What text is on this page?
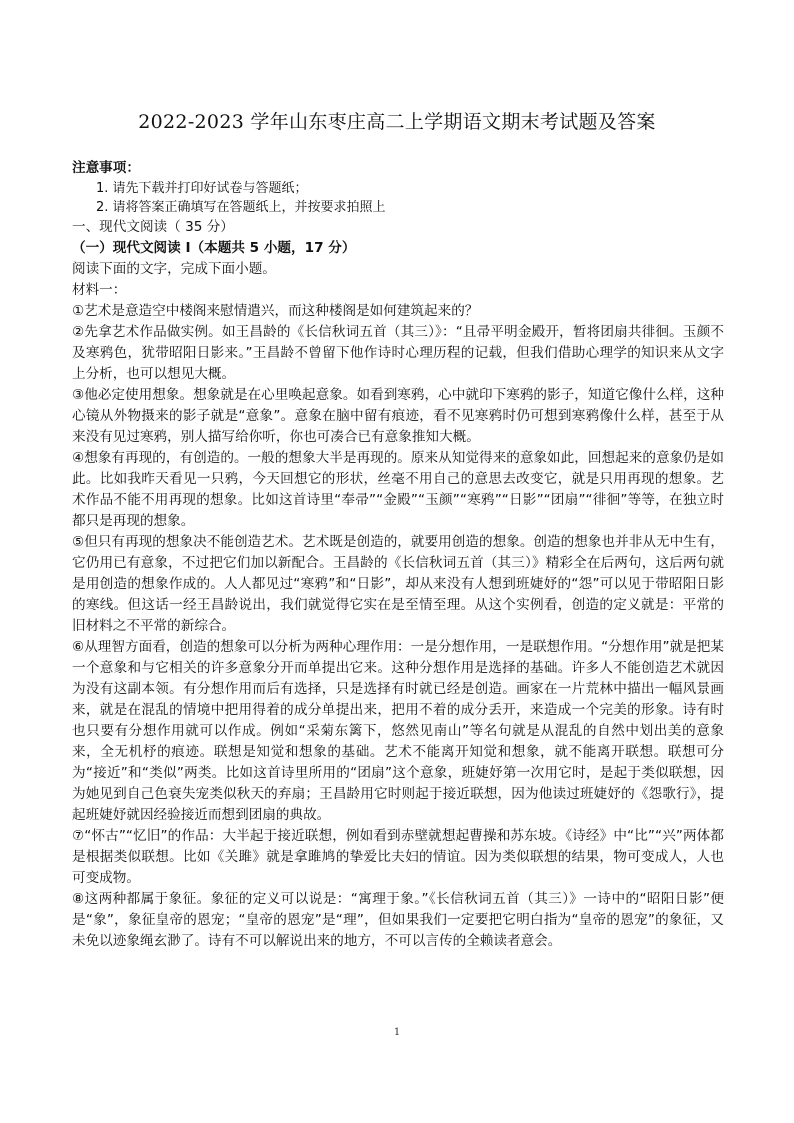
2022-2023 学年山东枣庄高二上学期语文期末考试题及答案

注意事项：

1. 请先下载并打印好试卷与答题纸；

2. 请将答案正确填写在答题纸上，并按要求拍照上

一、现代文阅读（ 35 分）

（一）现代文阅读 Ⅰ（本题共 5 小题，17 分）

阅读下面的文字，完成下面小题。

材料一：

①艺术是意造空中楼阁来慰情遣兴，而这种楼阁是如何建筑起来的？

②先拿艺术作品做实例。如王昌龄的《长信秋词五首（其三）》：“且帚平明金殿开，暂将团扇共徘徊。玉颜不及寒鸦色，犹带昭阳日影来。”王昌龄不曾留下他作诗时心理历程的记载，但我们借助心理学的知识来从文字上分析，也可以想见大概。

③他必定使用想象。想象就是在心里唤起意象。如看到寒鸦，心中就印下寒鸦的影子，知道它像什么样，这种心镜从外物摄来的影子就是“意象”。意象在脑中留有痕迹，看不见寒鸦时仍可想到寒鸦像什么样，甚至于从来没有见过寒鸦，别人描写给你听，你也可凑合已有意象推知大概。

④想象有再现的，有创造的。一般的想象大半是再现的。原来从知觉得来的意象如此，回想起来的意象仍是如此。比如我昨天看见一只鸦，今天回想它的形状，丝毫不用自己的意思去改变它，就是只用再现的想象。艺术作品不能不用再现的想象。比如这首诗里“奉帚”“金殿”“玉颜”“寒鸦”“日影”“团扇”“徘徊”等等，在独立时都只是再现的想象。

⑤但只有再现的想象决不能创造艺术。艺术既是创造的，就要用创造的想象。创造的想象也并非从无中生有，它仍用已有意象，不过把它们加以新配合。王昌龄的《长信秋词五首（其三）》精彩全在后两句，这后两句就是用创造的想象作成的。人人都见过“寒鸦”和“日影”，却从来没有人想到班婕妤的“怨”可以见于带昭阳日影的寒线。但这话一经王昌龄说出，我们就觉得它实在是至情至理。从这个实例看，创造的定义就是：平常的旧材料之不平常的新综合。

⑥从理智方面看，创造的想象可以分析为两种心理作用：一是分想作用，一是联想作用。“分想作用”就是把某一个意象和与它相关的许多意象分开而单提出它来。这种分想作用是选择的基础。许多人不能创造艺术就因为没有这副本领。有分想作用而后有选择，只是选择有时就已经是创造。画家在一片荒林中描出一幅风景画来，就是在混乱的情境中把用得着的成分单提出来，把用不着的成分丢开，来造成一个完美的形象。诗有时也只要有分想作用就可以作成。例如“采菊东篱下，悠然见南山”等名句就是从混乱的自然中划出美的意象来，全无机杼的痕迹。联想是知觉和想象的基础。艺术不能离开知觉和想象，就不能离开联想。联想可分为“接近”和“类似”两类。比如这首诗里所用的“团扇”这个意象，班婕妤第一次用它时，是起于类似联想，因为她见到自己色衰失宠类似秋天的弃扇；王昌龄用它时则起于接近联想，因为他读过班婕妤的《怨歌行》，提起班婕妤就因经验接近而想到团扇的典故。

⑦“怀古”“忆旧”的作品：大半起于接近联想，例如看到赤壁就想起曹操和苏东坡。《诗经》中“比”“兴”两体都是根据类似联想。比如《关雎》就是拿雎鸠的挚爱比夫妇的情谊。因为类似联想的结果，物可变成人，人也可变成物。

⑧这两种都属于象征。象征的定义可以说是：“寓理于象。”《长信秋词五首（其三）》一诗中的“昭阳日影”便是“象”，象征皇帝的恩宠；“皇帝的恩宠”是“理”，但如果我们一定要把它明白指为“皇帝的恩宠”的象征，又未免以迹象绳玄渺了。诗有不可以解说出来的地方，不可以言传的全赖读者意会。

1
